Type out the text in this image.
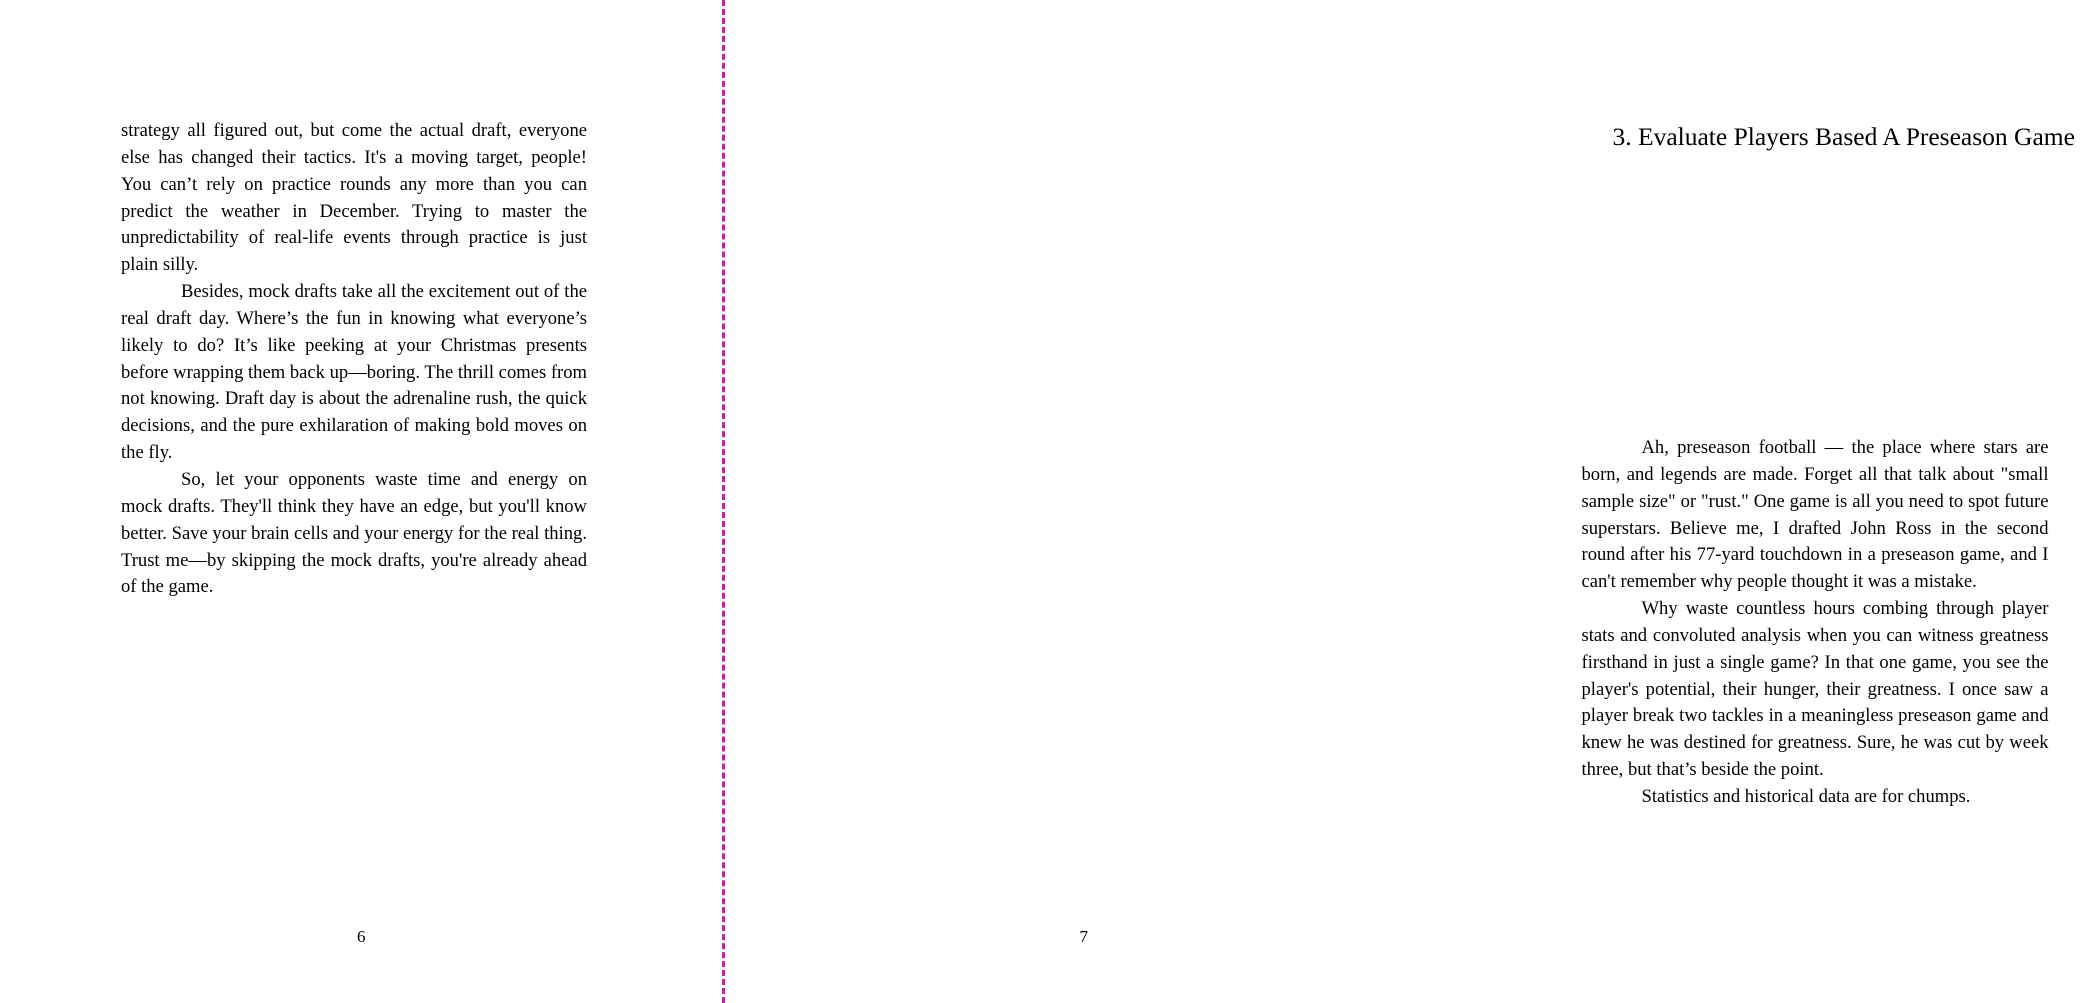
strategy all figured out, but come the actual draft, everyone else has changed their tactics. It's a moving target, people! You can’t rely on practice rounds any more than you can predict the weather in December. Trying to master the unpredictability of real-life events through practice is just plain silly.

Besides, mock drafts take all the excitement out of the real draft day. Where’s the fun in knowing what everyone’s likely to do? It’s like peeking at your Christmas presents before wrapping them back up—boring. The thrill comes from not knowing. Draft day is about the adrenaline rush, the quick decisions, and the pure exhilaration of making bold moves on the fly.

So, let your opponents waste time and energy on mock drafts. They'll think they have an edge, but you'll know better. Save your brain cells and your energy for the real thing. Trust me—by skipping the mock drafts, you're already ahead of the game.

6
3. Evaluate Players Based A Preseason Game

Ah, preseason football — the place where stars are born, and legends are made. Forget all that talk about "small sample size" or "rust." One game is all you need to spot future superstars. Believe me, I drafted John Ross in the second round after his 77-yard touchdown in a preseason game, and I can't remember why people thought it was a mistake.

Why waste countless hours combing through player stats and convoluted analysis when you can witness greatness firsthand in just a single game? In that one game, you see the player's potential, their hunger, their greatness. I once saw a player break two tackles in a meaningless preseason game and knew he was destined for greatness. Sure, he was cut by week three, but that’s beside the point.

Statistics and historical data are for chumps.

7
